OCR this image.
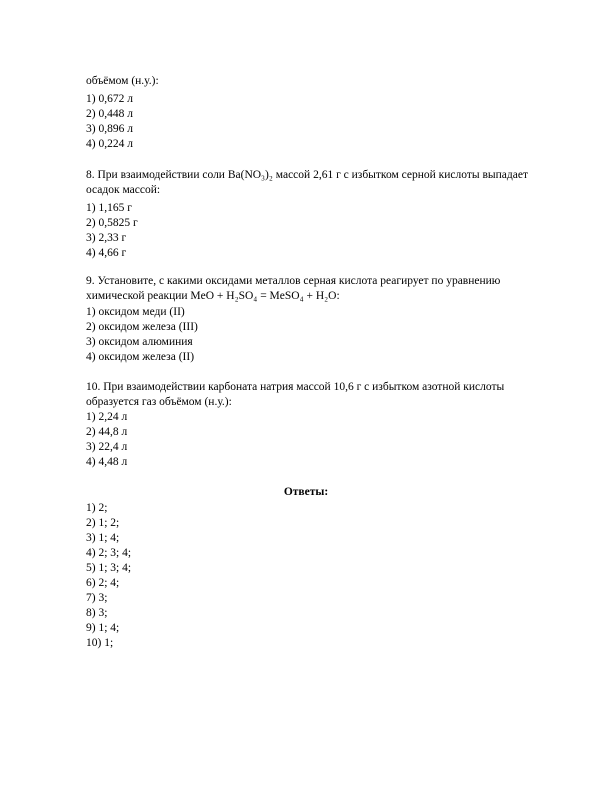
объёмом (н.у.):
1) 0,672 л
2) 0,448 л
3) 0,896 л
4) 0,224 л
8. При взаимодействии соли Ba(NO₃)₂ массой 2,61 г с избытком серной кислоты выпадает
осадок массой:
1) 1,165 г
2) 0,5825 г
3) 2,33 г
4) 4,66 г
9. Установите, с какими оксидами металлов серная кислота реагирует по уравнению
химической реакции MeO + H₂SO₄ = MeSO₄ + H₂O:
1) оксидом меди (II)
2) оксидом железа (III)
3) оксидом алюминия
4) оксидом железа (II)
10. При взаимодействии карбоната натрия массой 10,6 г с избытком азотной кислоты
образуется газ объёмом (н.у.):
1) 2,24 л
2) 44,8 л
3) 22,4 л
4) 4,48 л
Ответы:
1) 2;
2) 1; 2;
3) 1; 4;
4) 2; 3; 4;
5) 1; 3; 4;
6) 2; 4;
7) 3;
8) 3;
9) 1; 4;
10) 1;
